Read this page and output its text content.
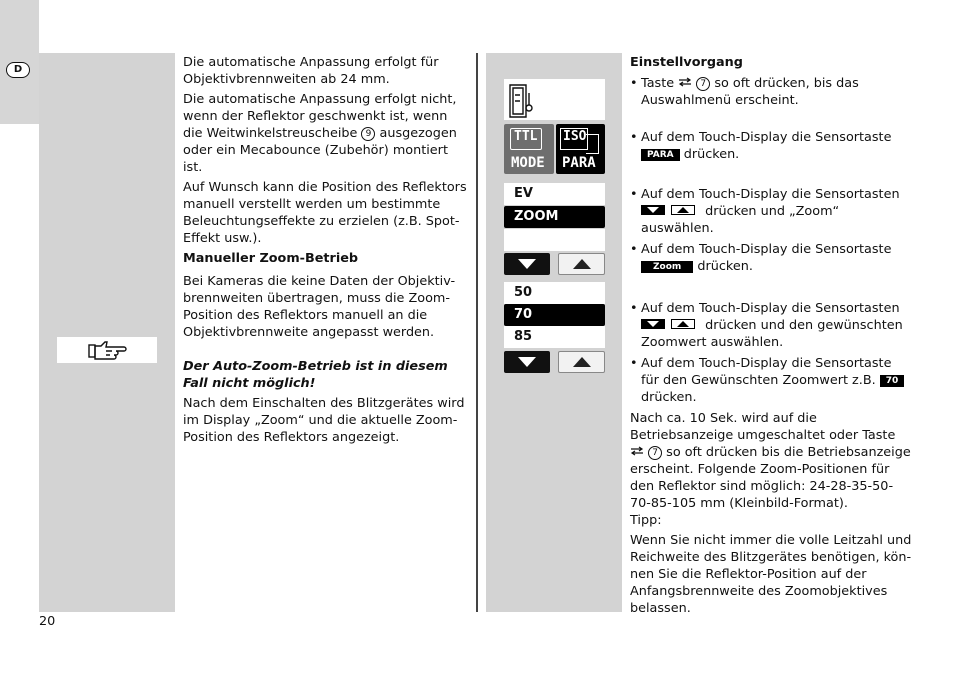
D	Die automatische Anpassung erfolgt für Objektivbrennweiten ab 24 mm.

Die automatische Anpassung erfolgt nicht, wenn der Reflektor geschwenkt ist, wenn die Weitwinkelstreuscheibe 9 ausgezogen oder ein Mecabounce (Zubehör) montiert ist.

Auf Wunsch kann die Position des Reflektors manuell verstellt werden um bestimmte Beleuchtungseffekte zu erzielen (z.B. Spot-Effekt usw.).

Manueller Zoom-Betrieb

Bei Kameras die keine Daten der Objektiv-brennweiten übertragen, muss die Zoom-Position des Reflektors manuell an die Objektivbrennweite angepasst werden.

Der Auto-Zoom-Betrieb ist in diesem Fall nicht möglich!

Nach dem Einschalten des Blitzgerätes wird im Display „Zoom“ und die aktuelle Zoom-Position des Reflektors angezeigt.

TTL
MODE
ISO
PARA
EV
ZOOM
50
70
85

Einstellvorgang

• Taste	7 so oft drücken, bis das Auswahlmenü erscheint.
• Auf dem Touch-Display die Sensortaste
PARA drücken.
• Auf dem Touch-Display die Sensortasten
drücken und „Zoom“ auswählen.
• Auf dem Touch-Display die Sensortaste
Zoom drücken.
• Auf dem Touch-Display die Sensortasten
drücken und den gewünschten Zoomwert auswählen.
• Auf dem Touch-Display die Sensortaste für den Gewünschten Zoomwert z.B. 70 drücken.

Nach ca. 10 Sek. wird auf die Betriebsanzeige umgeschaltet oder Taste  7 so oft drücken bis die Betriebsanzeige erscheint. Folgende Zoom-Positionen für den Reflektor sind möglich: 24-28-35-50-70-85-105 mm (Kleinbild-Format).

Tipp:

Wenn Sie nicht immer die volle Leitzahl und Reichweite des Blitzgerätes benötigen, kön-nen Sie die Reflektor-Position auf der Anfangsbrennweite des Zoomobjektives belassen.

20
